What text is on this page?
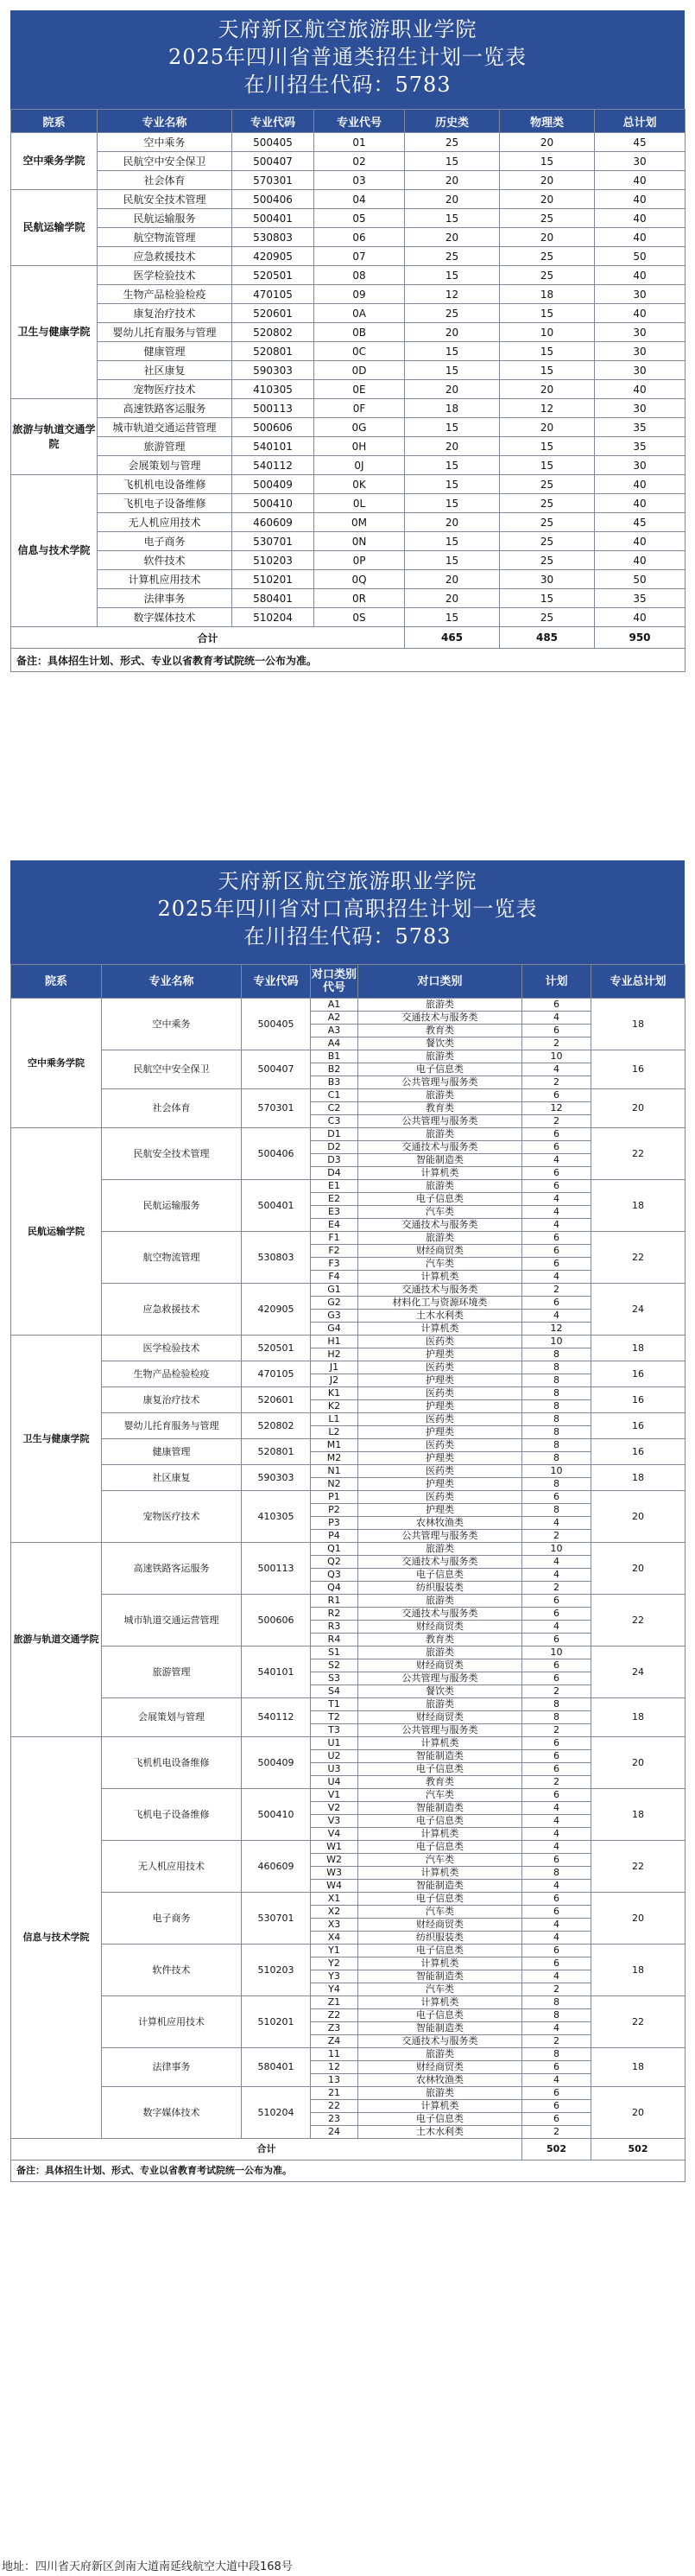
天府新区航空旅游职业学院
2025年四川省普通类招生计划一览表
在川招生代码：5783
院系	专业名称	专业代码	专业代号	历史类	物理类	总计划
空中乘务学院	空中乘务	500405	01	25	20	45
	民航空中安全保卫	500407	02	15	15	30
	社会体育	570301	03	20	20	40
民航运输学院	民航安全技术管理	500406	04	20	20	40
	民航运输服务	500401	05	15	25	40
	航空物流管理	530803	06	20	20	40
	应急救援技术	420905	07	25	25	50
卫生与健康学院	医学检验技术	520501	08	15	25	40
	生物产品检验检疫	470105	09	12	18	30
	康复治疗技术	520601	0A	25	15	40
	婴幼儿托育服务与管理	520802	0B	20	10	30
	健康管理	520801	0C	15	15	30
	社区康复	590303	0D	15	15	30
	宠物医疗技术	410305	0E	20	20	40
旅游与轨道交通学院	高速铁路客运服务	500113	0F	18	12	30
	城市轨道交通运营管理	500606	0G	15	20	35
	旅游管理	540101	0H	20	15	35
	会展策划与管理	540112	0J	15	15	30
信息与技术学院	飞机机电设备维修	500409	0K	15	25	40
	飞机电子设备维修	500410	0L	15	25	40
	无人机应用技术	460609	0M	20	25	45
	电子商务	530701	0N	15	25	40
	软件技术	510203	0P	15	25	40
	计算机应用技术	510201	0Q	20	30	50
	法律事务	580401	0R	20	15	35
	数字媒体技术	510204	0S	15	25	40
合计				465	485	950
备注：具体招生计划、形式、专业以省教育考试院统一公布为准。						
天府新区航空旅游职业学院
2025年四川省对口高职招生计划一览表
在川招生代码：5783
院系	专业名称	专业代码	对口类别代号	对口类别	计划	专业总计划
空中乘务学院	空中乘务	500405	A1	旅游类	6	18
			A2	交通技术与服务类	4	
			A3	教育类	6	
			A4	餐饮类	2	
	民航空中安全保卫	500407	B1	旅游类	10	16
			B2	电子信息类	4	
			B3	公共管理与服务类	2	
	社会体育	570301	C1	旅游类	6	20
			C2	教育类	12	
			C3	公共管理与服务类	2	
民航运输学院	民航安全技术管理	500406	D1	旅游类	6	22
			D2	交通技术与服务类	6	
			D3	智能制造类	4	
			D4	计算机类	6	
	民航运输服务	500401	E1	旅游类	6	18
			E2	电子信息类	4	
			E3	汽车类	4	
			E4	交通技术与服务类	4	
	航空物流管理	530803	F1	旅游类	6	22
			F2	财经商贸类	6	
			F3	汽车类	6	
			F4	计算机类	4	
	应急救援技术	420905	G1	交通技术与服务类	2	24
			G2	材料化工与资源环境类	6	
			G3	土木水利类	4	
			G4	计算机类	12	
卫生与健康学院	医学检验技术	520501	H1	医药类	10	18
			H2	护理类	8	
	生物产品检验检疫	470105	J1	医药类	8	16
			J2	护理类	8	
	康复治疗技术	520601	K1	医药类	8	16
			K2	护理类	8	
	婴幼儿托育服务与管理	520802	L1	医药类	8	16
			L2	护理类	8	
	健康管理	520801	M1	医药类	8	16
			M2	护理类	8	
	社区康复	590303	N1	医药类	10	18
			N2	护理类	8	
	宠物医疗技术	410305	P1	医药类	6	20
			P2	护理类	8	
			P3	农林牧渔类	4	
			P4	公共管理与服务类	2	
旅游与轨道交通学院	高速铁路客运服务	500113	Q1	旅游类	10	20
			Q2	交通技术与服务类	4	
			Q3	电子信息类	4	
			Q4	纺织服装类	2	
	城市轨道交通运营管理	500606	R1	旅游类	6	22
			R2	交通技术与服务类	6	
			R3	财经商贸类	4	
			R4	教育类	6	
	旅游管理	540101	S1	旅游类	10	24
			S2	财经商贸类	6	
			S3	公共管理与服务类	6	
			S4	餐饮类	2	
	会展策划与管理	540112	T1	旅游类	8	18
			T2	财经商贸类	8	
			T3	公共管理与服务类	2	
信息与技术学院	飞机机电设备维修	500409	U1	计算机类	6	20
			U2	智能制造类	6	
			U3	电子信息类	6	
			U4	教育类	2	
	飞机电子设备维修	500410	V1	汽车类	6	18
			V2	智能制造类	4	
			V3	电子信息类	4	
			V4	计算机类	4	
	无人机应用技术	460609	W1	电子信息类	4	22
			W2	汽车类	6	
			W3	计算机类	8	
			W4	智能制造类	4	
	电子商务	530701	X1	电子信息类	6	20
			X2	汽车类	6	
			X3	财经商贸类	4	
			X4	纺织服装类	4	
	软件技术	510203	Y1	电子信息类	6	18
			Y2	计算机类	6	
			Y3	智能制造类	4	
			Y4	汽车类	2	
	计算机应用技术	510201	Z1	计算机类	8	22
			Z2	电子信息类	8	
			Z3	智能制造类	4	
			Z4	交通技术与服务类	2	
	法律事务	580401	11	旅游类	8	18
			12	财经商贸类	6	
			13	农林牧渔类	4	
	数字媒体技术	510204	21	旅游类	6	20
			22	计算机类	6	
			23	电子信息类	6	
			24	土木水利类	2	
合计					502	502
备注：具体招生计划、形式、专业以省教育考试院统一公布为准。						
地址：四川省天府新区剑南大道南延线航空大道中段168号
